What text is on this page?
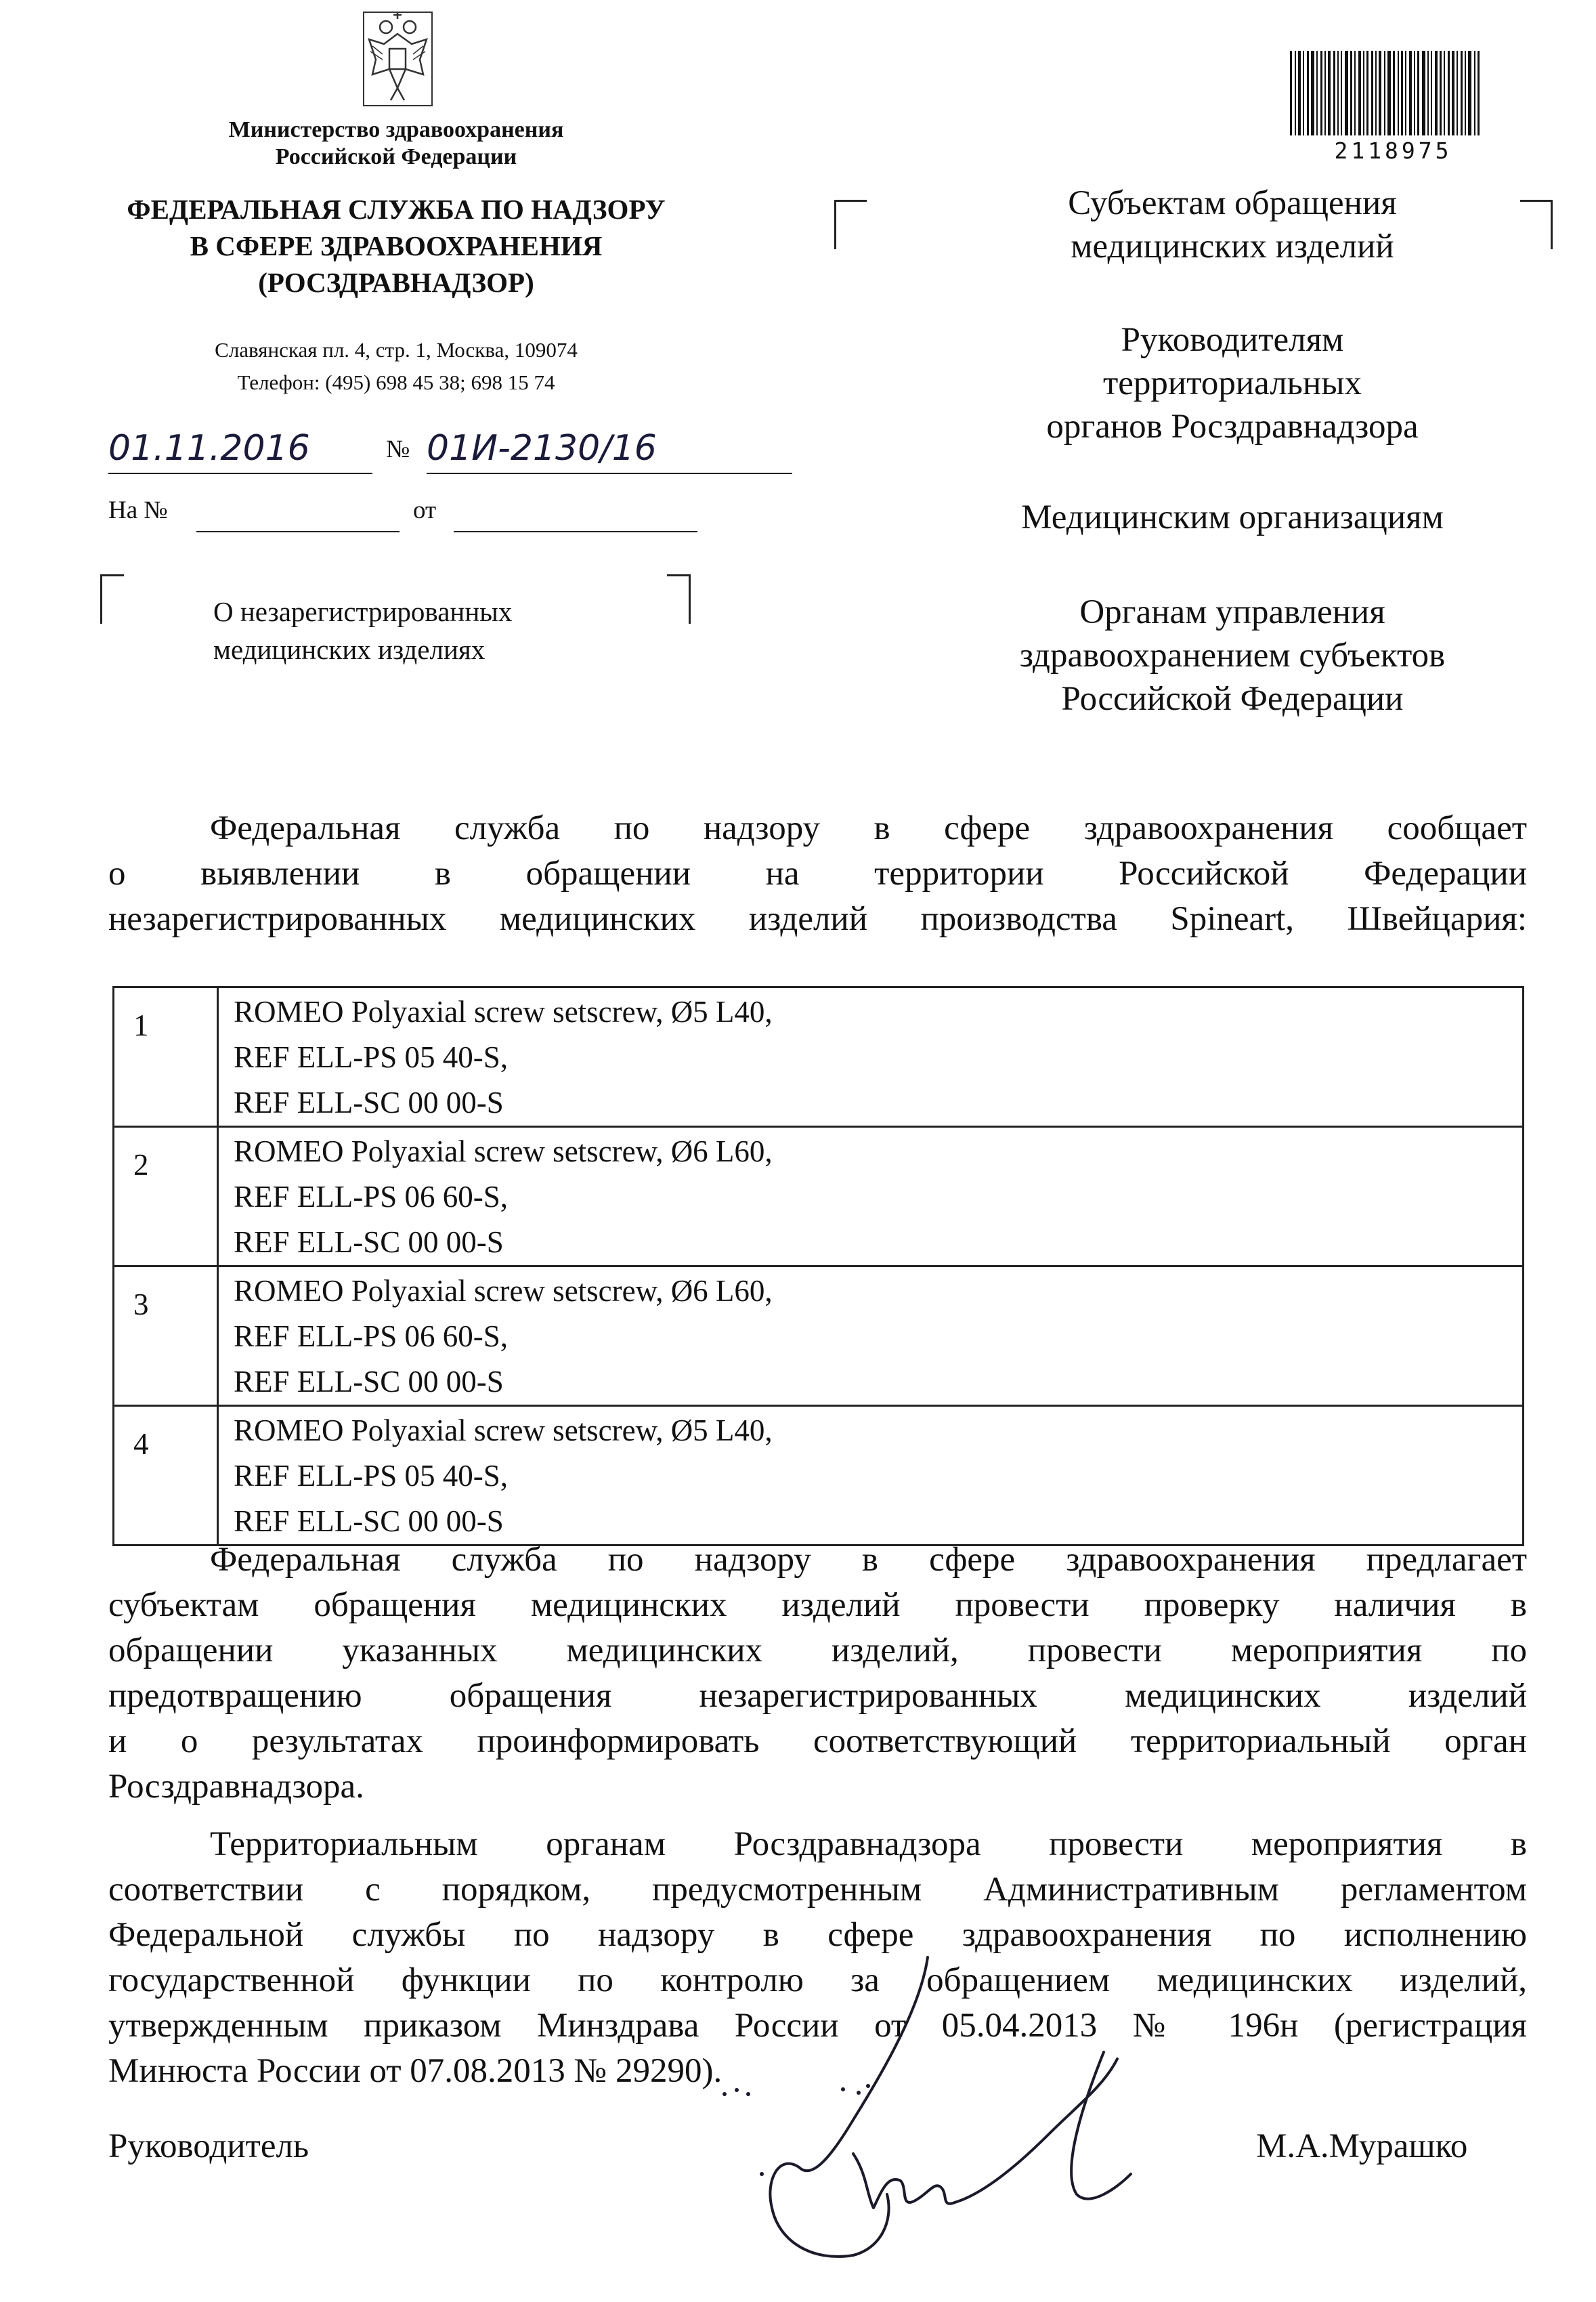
Министерство здравоохранения
Российской Федерации
ФЕДЕРАЛЬНАЯ СЛУЖБА ПО НАДЗОРУ
В СФЕРЕ ЗДРАВООХРАНЕНИЯ
(РОСЗДРАВНАДЗОР)
Славянская пл. 4, стр. 1, Москва, 109074
Телефон: (495) 698 45 38; 698 15 74
01.11.2016	№ 01И-2130/16
На №	от
О незарегистрированных
медицинских изделиях
2118975
Субъектам обращения
медицинских изделий
Руководителям
территориальных
органов Росздравнадзора
Медицинским организациям
Органам управления
здравоохранением субъектов
Российской Федерации
Федеральная служба по надзору в сфере здравоохранения сообщает
о выявлении в обращении на территории Российской Федерации
незарегистрированных медицинских изделий производства Spineart, Швейцария:
1	ROMEO Polyaxial screw setscrew, Ø5 L40,
REF ELL-PS 05 40-S,
REF ELL-SC 00 00-S

2	ROMEO Polyaxial screw setscrew, Ø6 L60,
REF ELL-PS 06 60-S,
REF ELL-SC 00 00-S

3	ROMEO Polyaxial screw setscrew, Ø6 L60,
REF ELL-PS 06 60-S,
REF ELL-SC 00 00-S

4	ROMEO Polyaxial screw setscrew, Ø5 L40,
REF ELL-PS 05 40-S,
REF ELL-SC 00 00-S
Федеральная служба по надзору в сфере здравоохранения предлагает
субъектам обращения медицинских изделий провести проверку наличия в
обращении указанных медицинских изделий, провести мероприятия по
предотвращению обращения незарегистрированных медицинских изделий
и о результатах проинформировать соответствующий территориальный орган
Росздравнадзора.
Территориальным органам Росздравнадзора провести мероприятия в
соответствии с порядком, предусмотренным Административным регламентом
Федеральной службы по надзору в сфере здравоохранения по исполнению
государственной функции по контролю за обращением медицинских изделий,
утвержденным приказом Минздрава России от 05.04.2013 № 196н (регистрация
Минюста России от 07.08.2013 № 29290).
Руководитель	М.А.Мурашко
